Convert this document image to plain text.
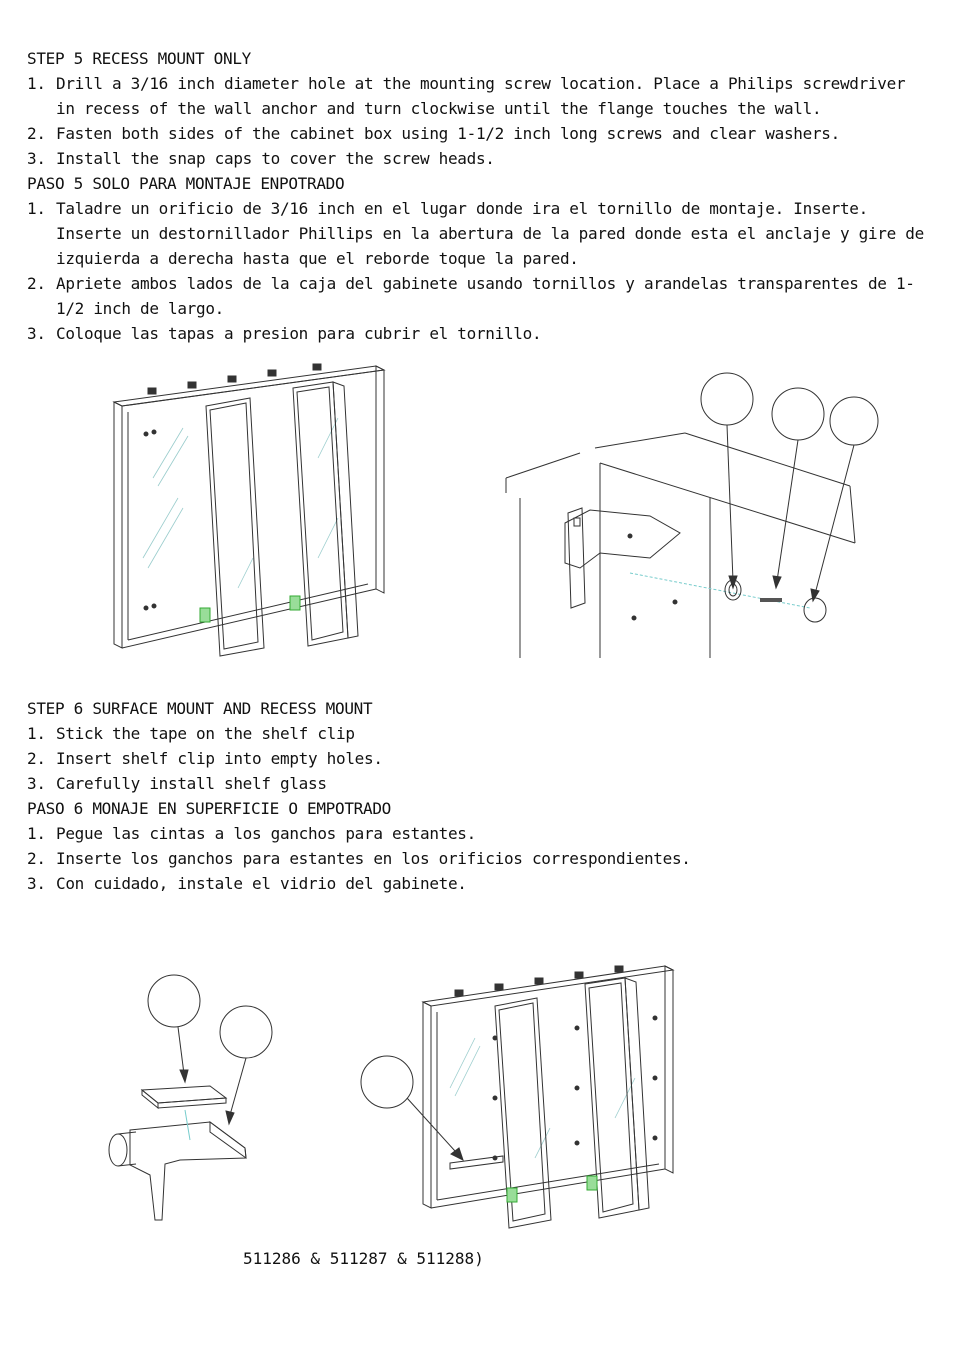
STEP 5 RECESS MOUNT ONLY
1. Drill a 3/16 inch diameter hole at the mounting screw location. Place a Philips screwdriver in recess of the wall anchor and turn clockwise until the flange touches the wall.
2. Fasten both sides of the cabinet box using 1-1/2 inch long screws and clear washers.
3. Install the snap caps to cover the screw heads.
PASO 5 SOLO PARA MONTAJE ENPOTRADO
1. Taladre un orificio de 3/16 inch en el lugar donde ira el tornillo de montaje. Inserte. Inserte un destornillador Phillips en la abertura de la pared donde esta el anclaje y gire de izquierda a derecha hasta que el reborde toque la pared.
2. Apriete ambos lados de la caja del gabinete usando tornillos y arandelas transparentes de 1-1/2 inch de largo.
3. Coloque las tapas a presion para cubrir el tornillo.
STEP 6 SURFACE MOUNT AND RECESS MOUNT
1. Stick the tape on the shelf clip
2. Insert shelf clip into empty holes.
3. Carefully install shelf glass
PASO 6 MONAJE EN SUPERFICIE O EMPOTRADO
1. Pegue las cintas a los ganchos para estantes.
2. Inserte los ganchos para estantes en los orificios correspondientes.
3. Con cuidado, instale el vidrio del gabinete.
511286 & 511287 & 511288)
